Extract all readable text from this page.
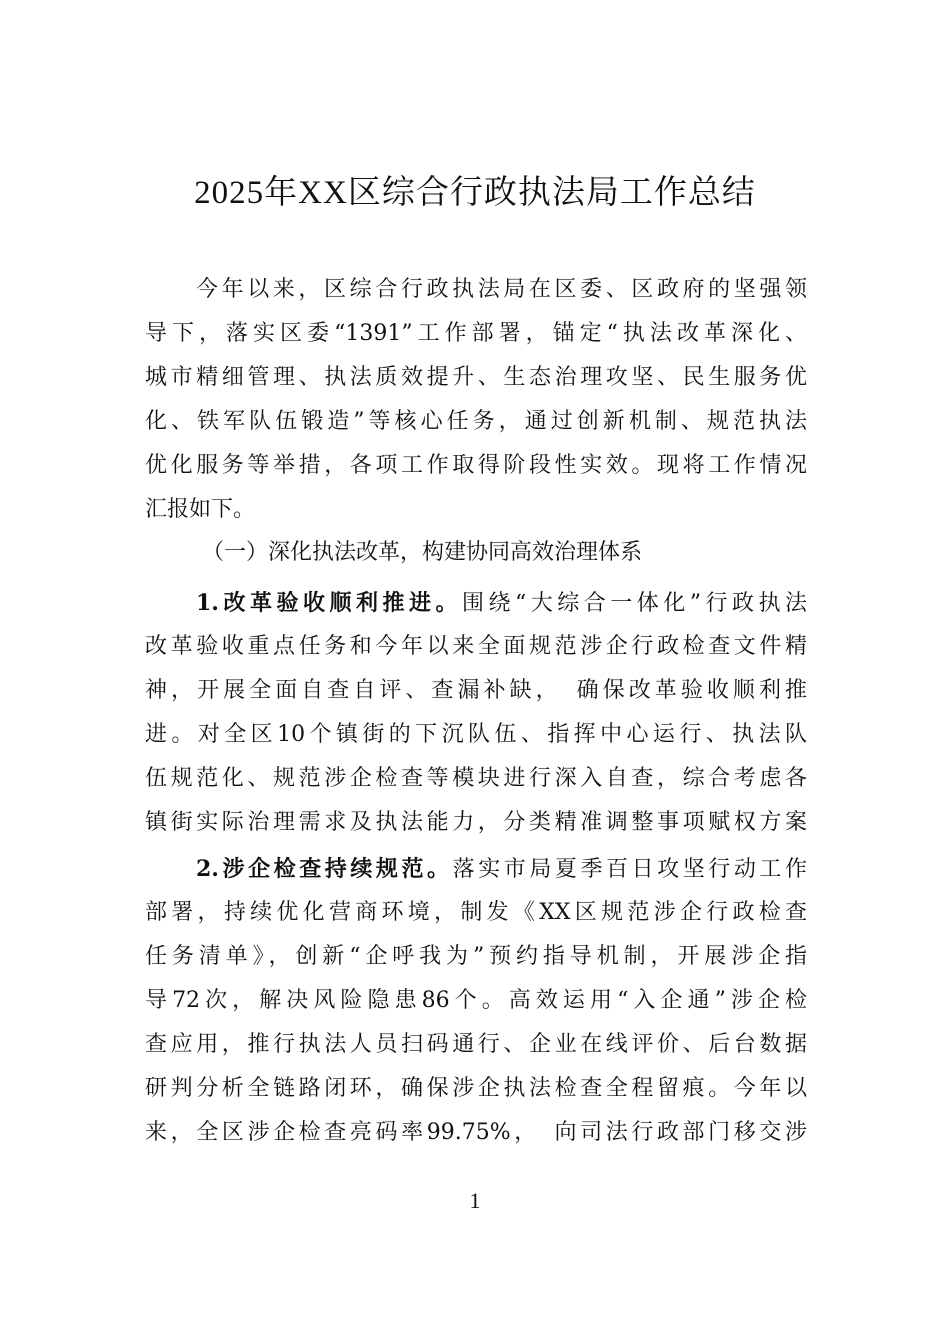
2025年XX区综合行政执法局工作总结
今年以来，区综合行政执法局在区委、区政府的坚强领
导下，落实区委“1391”工作部署，锚定“执法改革深化、
城市精细管理、执法质效提升、生态治理攻坚、民生服务优
化、铁军队伍锻造”等核心任务，通过创新机制、规范执法
优化服务等举措，各项工作取得阶段性实效。现将工作情况
汇报如下。
（一）深化执法改革，构建协同高效治理体系
1.改革验收顺利推进。围绕“大综合一体化”行政执法
改革验收重点任务和今年以来全面规范涉企行政检查文件精
神，开展全面自查自评、查漏补缺，　确保改革验收顺利推
进。对全区10个镇街的下沉队伍、指挥中心运行、执法队
伍规范化、规范涉企检查等模块进行深入自查，综合考虑各
镇街实际治理需求及执法能力，分类精准调整事项赋权方案
2.涉企检查持续规范。落实市局夏季百日攻坚行动工作
部署，持续优化营商环境，制发《XX区规范涉企行政检查
任务清单》，创新“企呼我为”预约指导机制，开展涉企指
导72次，解决风险隐患86个。高效运用“入企通”涉企检
查应用，推行执法人员扫码通行、企业在线评价、后台数据
研判分析全链路闭环，确保涉企执法检查全程留痕。今年以
来，全区涉企检查亮码率99.75%，　向司法行政部门移交涉
1
